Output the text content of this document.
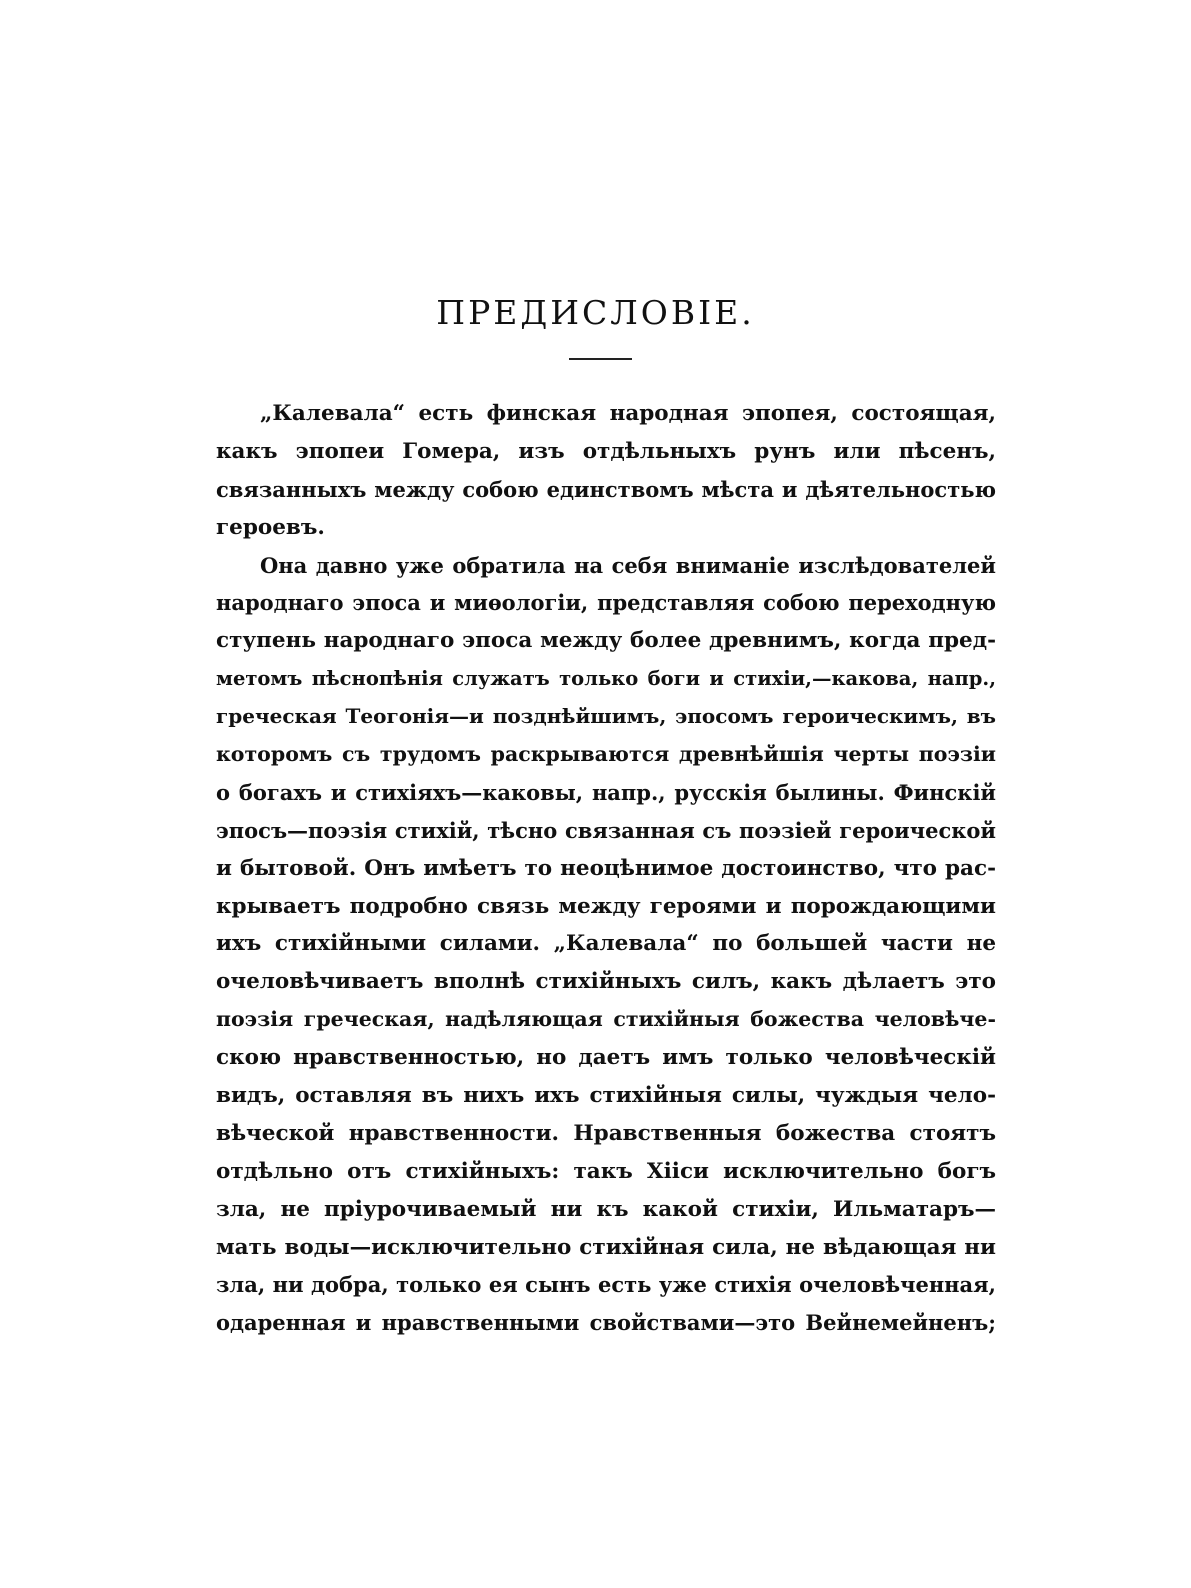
ПРЕДИСЛОВІЕ.
„Калевала“ есть финская народная эпопея, состоящая,
какъ эпопеи Гомера, изъ отдѣльныхъ рунъ или пѣсенъ,
связанныхъ между собою единствомъ мѣста и дѣятельностью
героевъ.
Она давно уже обратила на себя вниманіе изслѣдователей
народнаго эпоса и миѳологіи, представляя собою переходную
ступень народнаго эпоса между более древнимъ, когда пред-
метомъ пѣснопѣнія служатъ только боги и стихіи,—какова, напр.,
греческая Теогонія—и позднѣйшимъ, эпосомъ героическимъ, въ
которомъ съ трудомъ раскрываются древнѣйшія черты поэзіи
о богахъ и стихіяхъ—каковы, напр., русскія былины. Финскій
эпосъ—поэзія стихій, тѣсно связанная съ поэзіей героической
и бытовой. Онъ имѣетъ то неоцѣнимое достоинство, что рас-
крываетъ подробно связь между героями и порождающими
ихъ стихійными силами. „Калевала“ по большей части не
очеловѣчиваетъ вполнѣ стихійныхъ силъ, какъ дѣлаетъ это
поэзія греческая, надѣляющая стихійныя божества человѣче-
скою нравственностью, но даетъ имъ только человѣческій
видъ, оставляя въ нихъ ихъ стихійныя силы, чуждыя чело-
вѣческой нравственности. Нравственныя божества стоятъ
отдѣльно отъ стихійныхъ: такъ Хііси исключительно богъ
зла, не пріурочиваемый ни къ какой стихіи, Ильматаръ—
мать воды—исключительно стихійная сила, не вѣдающая ни
зла, ни добра, только ея сынъ есть уже стихія очеловѣченная,
одаренная и нравственными свойствами—это Вейнемейненъ;
